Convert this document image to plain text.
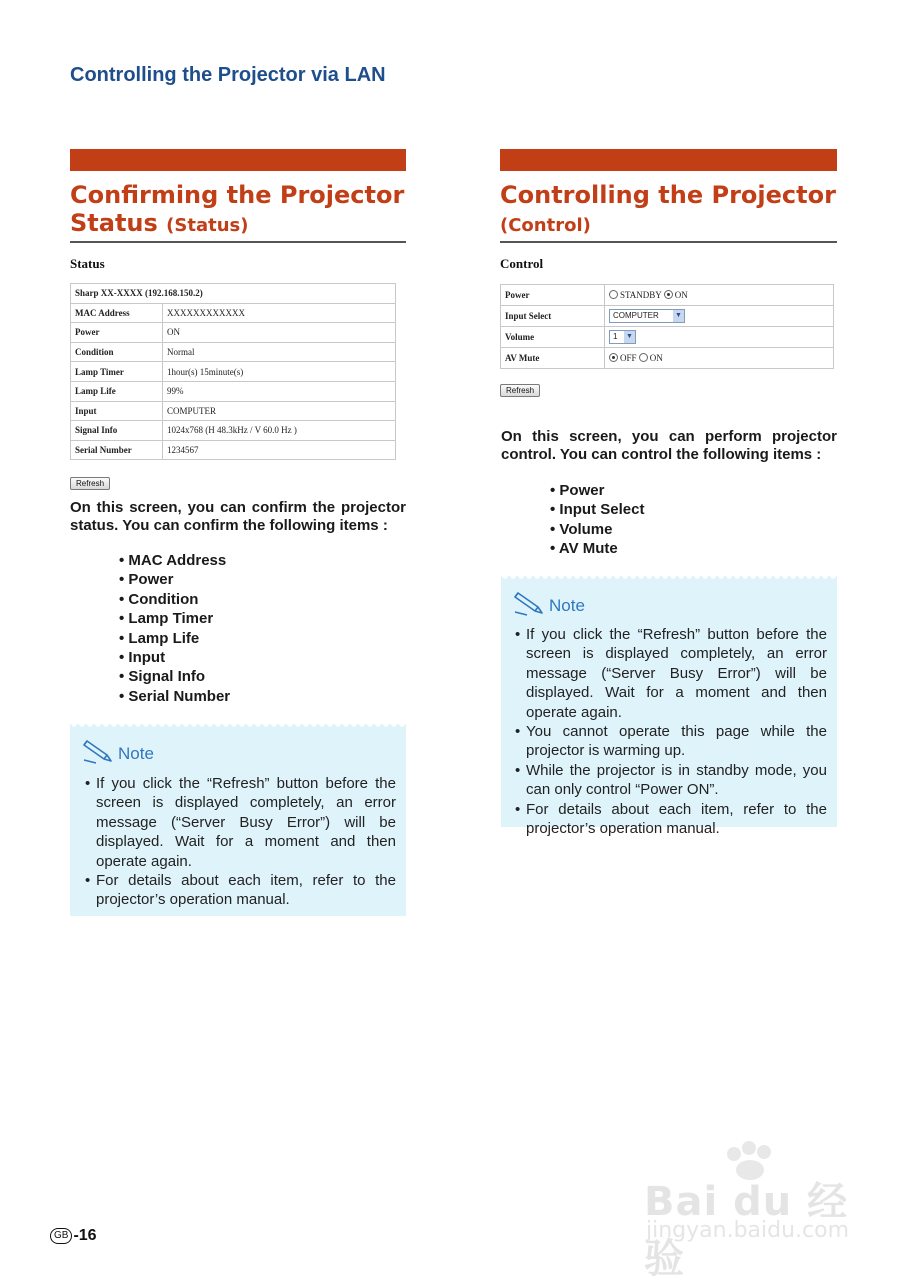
Controlling the Projector via LAN
Confirming the Projector Status (Status)
Status
Sharp XX-XXXX (192.168.150.2)	
MAC Address	XXXXXXXXXXXX
Power	ON
Condition	Normal
Lamp Timer	1hour(s) 15minute(s)
Lamp Life	99%
Input	COMPUTER
Signal Info	1024x768 (H 48.3kHz / V 60.0 Hz )
Serial Number	1234567
Refresh
On this screen, you can confirm the projector status. You can confirm the following items :
• MAC Address
• Power
• Condition
• Lamp Timer
• Lamp Life
• Input
• Signal Info
• Serial Number
Note
• If you click the “Refresh” button before the screen is displayed completely, an error message (“Server Busy Error”) will be displayed. Wait for a moment and then operate again.
• For details about each item, refer to the projector’s operation manual.
Controlling the Projector
(Control)
Control
Power	STANDBY ON
Input Select	COMPUTER ▼

Volume	1 ▼

AV Mute	OFF ON
Refresh
On this screen, you can perform projector control. You can control the following items :
• Power
• Input Select
• Volume
• AV Mute
Note
• If you click the “Refresh” button before the screen is displayed completely, an error message (“Server Busy Error”) will be displayed. Wait for a moment and then operate again.
• You cannot operate this page while the projector is warming up.
• While the projector is in standby mode, you can only control “Power ON”.
• For details about each item, refer to the projector’s operation manual.
GB -16
Bai du 经验
jingyan.baidu.com
